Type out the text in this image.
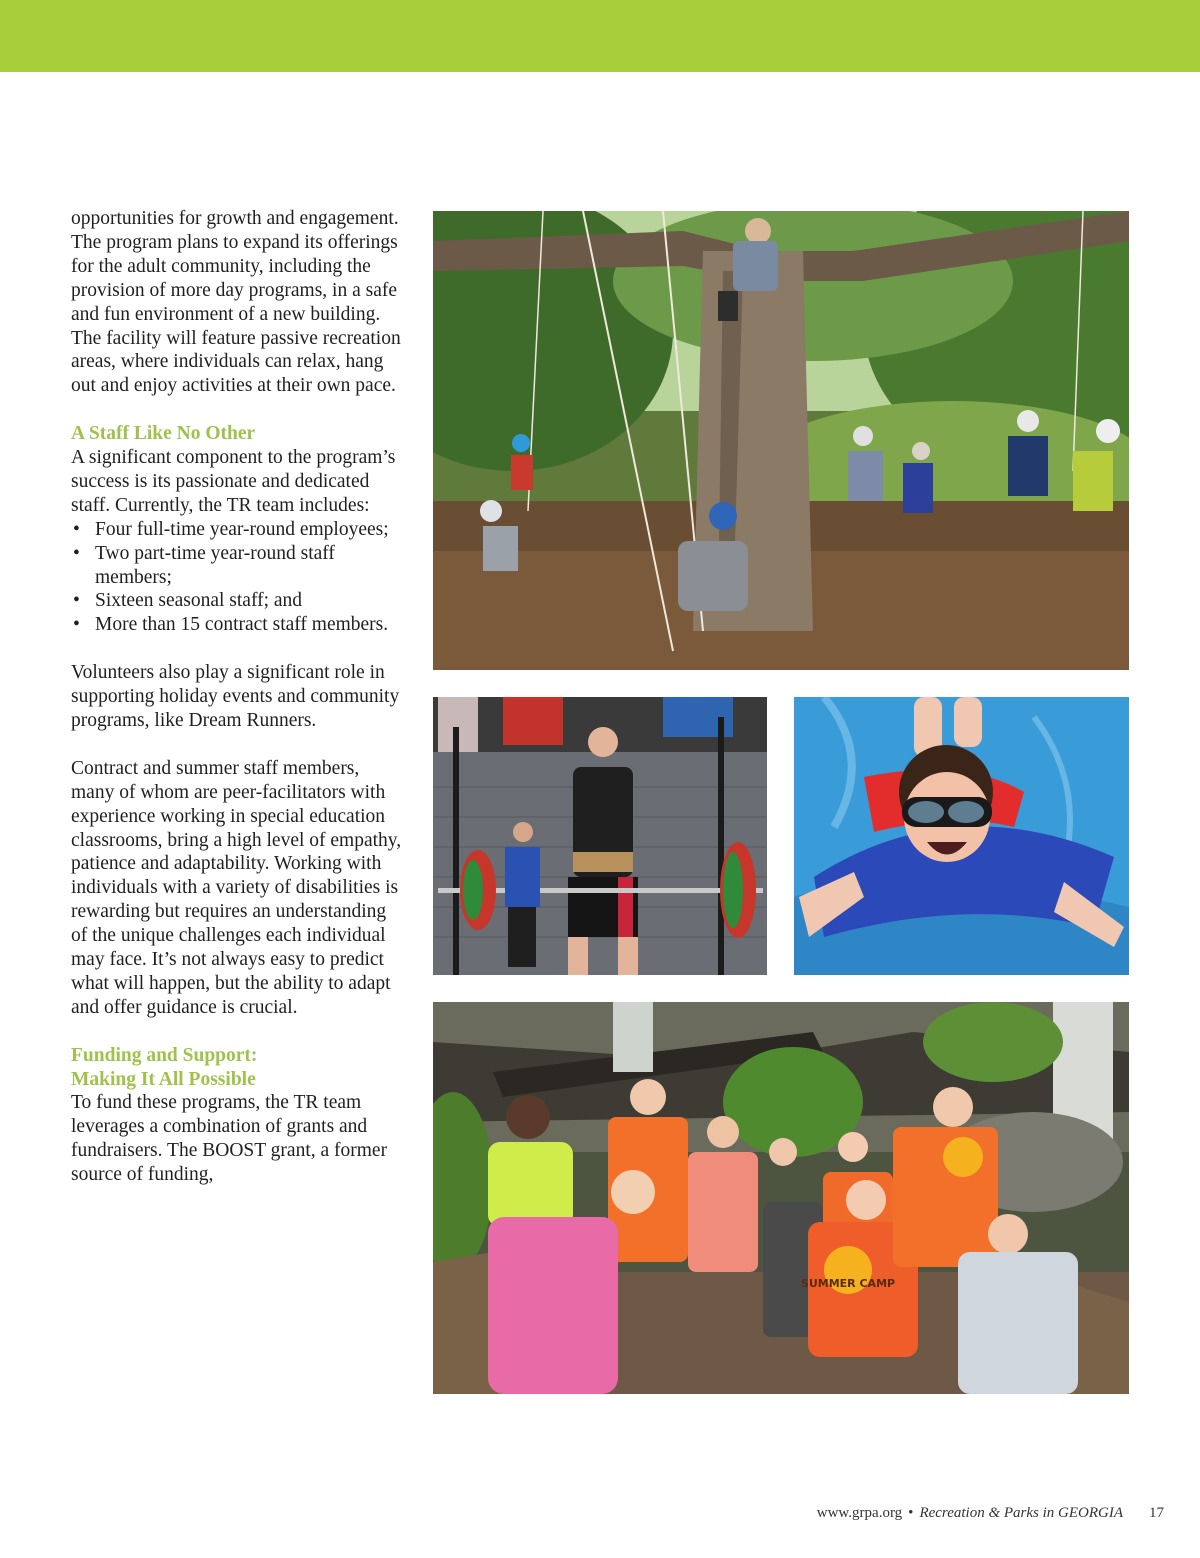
opportunities for growth and engagement. The program plans to expand its offerings for the adult community, including the provision of more day programs, in a safe and fun environment of a new building. The facility will feature passive recreation areas, where individuals can relax, hang out and enjoy activities at their own pace.

A Staff Like No Other

A significant component to the program’s success is its passionate and dedicated staff. Currently, the TR team includes:

• Four full-time year-round employees;
• Two part-time year-round staff members;
• Sixteen seasonal staff; and
• More than 15 contract staff members.

Volunteers also play a significant role in supporting holiday events and community programs, like Dream Runners.

Contract and summer staff members, many of whom are peer-facilitators with experience working in special education classrooms, bring a high level of empathy, patience and adaptability. Working with individuals with a variety of disabilities is rewarding but requires an understanding of the unique challenges each individual may face. It’s not always easy to predict what will happen, but the ability to adapt and offer guidance is crucial.

Funding and Support:
Making It All Possible

To fund these programs, the TR team leverages a combination of grants and fundraisers. The BOOST grant, a former source of funding,

SUMMER CAMP
www.grpa.org • Recreation & Parks in GEORGIA 17
